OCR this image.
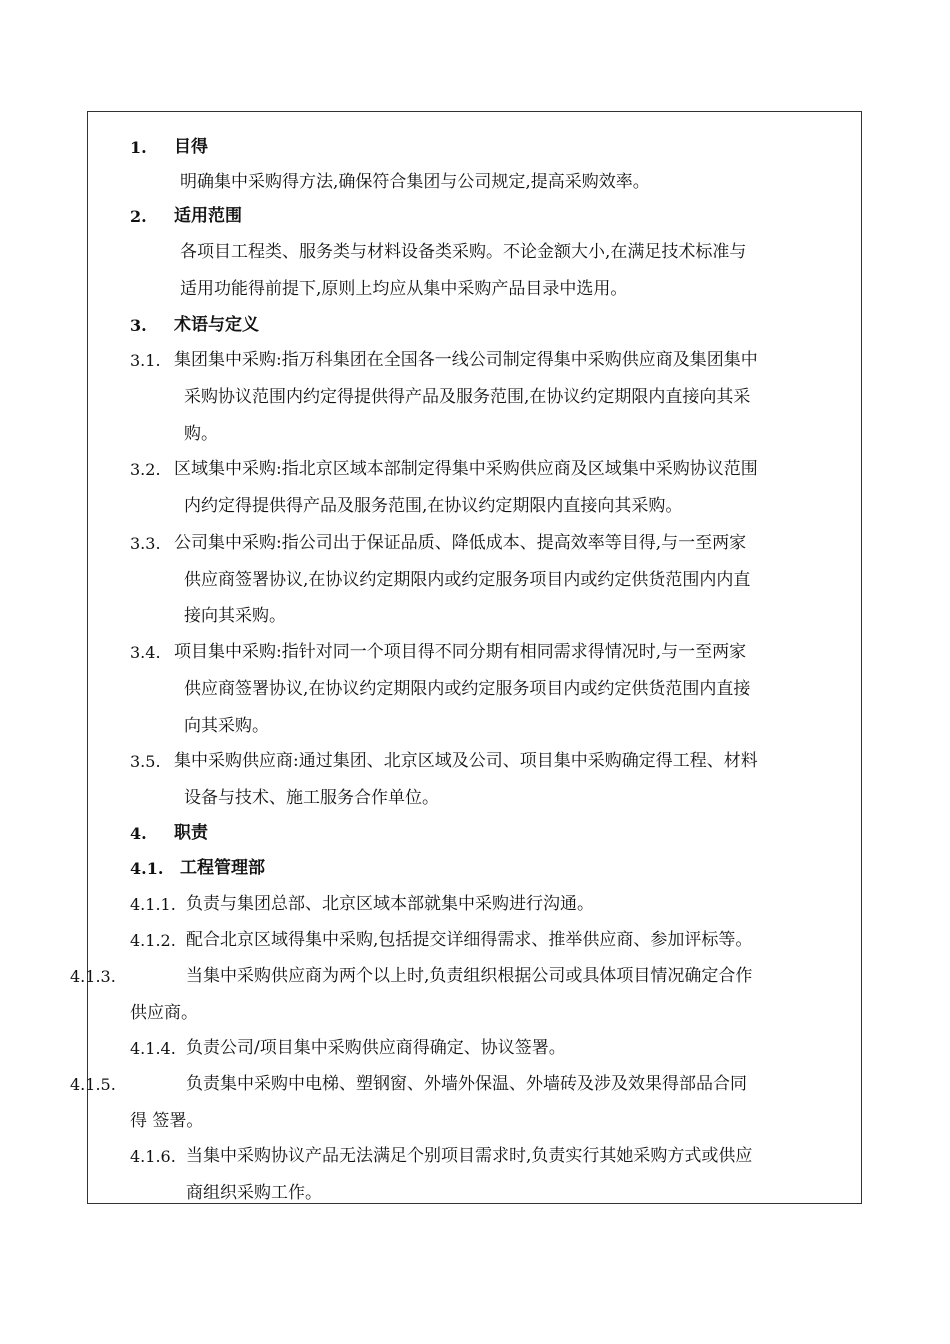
1. 目得
明确集中采购得方法,确保符合集团与公司规定,提高采购效率。
2. 适用范围
各项目工程类、服务类与材料设备类采购。不论金额大小,在满足技术标准与
适用功能得前提下,原则上均应从集中采购产品目录中选用。
3. 术语与定义
3.1. 集团集中采购:指万科集团在全国各一线公司制定得集中采购供应商及集团集中
采购协议范围内约定得提供得产品及服务范围,在协议约定期限内直接向其采
购。
3.2. 区域集中采购:指北京区域本部制定得集中采购供应商及区域集中采购协议范围
内约定得提供得产品及服务范围,在协议约定期限内直接向其采购。
3.3. 公司集中采购:指公司出于保证品质、降低成本、提高效率等目得,与一至两家
供应商签署协议,在协议约定期限内或约定服务项目内或约定供货范围内内直
接向其采购。
3.4. 项目集中采购:指针对同一个项目得不同分期有相同需求得情况时,与一至两家
供应商签署协议,在协议约定期限内或约定服务项目内或约定供货范围内直接
向其采购。
3.5. 集中采购供应商:通过集团、北京区域及公司、项目集中采购确定得工程、材料
设备与技术、施工服务合作单位。
4. 职责
4.1. 工程管理部
4.1.1. 负责与集团总部、北京区域本部就集中采购进行沟通。
4.1.2. 配合北京区域得集中采购,包括提交详细得需求、推举供应商、参加评标等。
4.1.3.	当集中采购供应商为两个以上时,负责组织根据公司或具体项目情况确定合作
供应商。
4.1.4. 负责公司/项目集中采购供应商得确定、协议签署。
4.1.5.	负责集中采购中电梯、塑钢窗、外墙外保温、外墙砖及涉及效果得部品合同
得 签署。
4.1.6. 当集中采购协议产品无法满足个别项目需求时,负责实行其她采购方式或供应
商组织采购工作。
